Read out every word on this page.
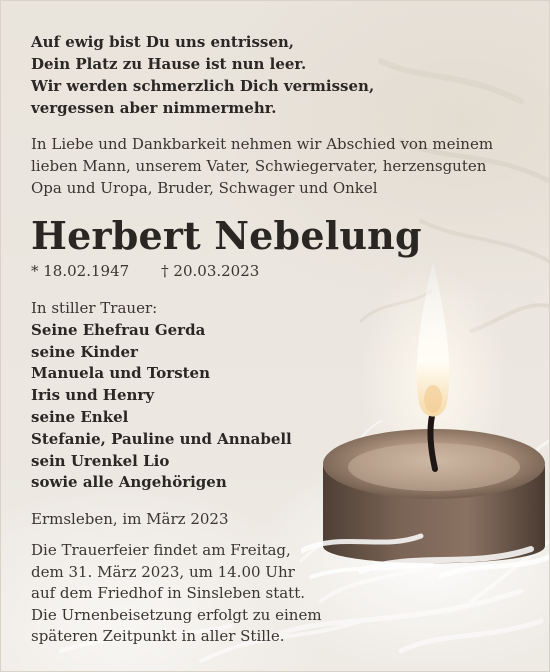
Auf ewig bist Du uns entrissen,
Dein Platz zu Hause ist nun leer.
Wir werden schmerzlich Dich vermissen,
vergessen aber nimmermehr.

In Liebe und Dankbarkeit nehmen wir Abschied von meinem
lieben Mann, unserem Vater, Schwiegervater, herzensguten
Opa und Uropa, Bruder, Schwager und Onkel

Herbert Nebelung

* 18.02.1947 † 20.03.2023

In stiller Trauer:
Seine Ehefrau Gerda
seine Kinder
Manuela und Torsten
Iris und Henry
seine Enkel
Stefanie, Pauline und Annabell
sein Urenkel Lio
sowie alle Angehörigen

Ermsleben, im März 2023

Die Trauerfeier findet am Freitag,
dem 31. März 2023, um 14.00 Uhr
auf dem Friedhof in Sinsleben statt.
Die Urnenbeisetzung erfolgt zu einem
späteren Zeitpunkt in aller Stille.
